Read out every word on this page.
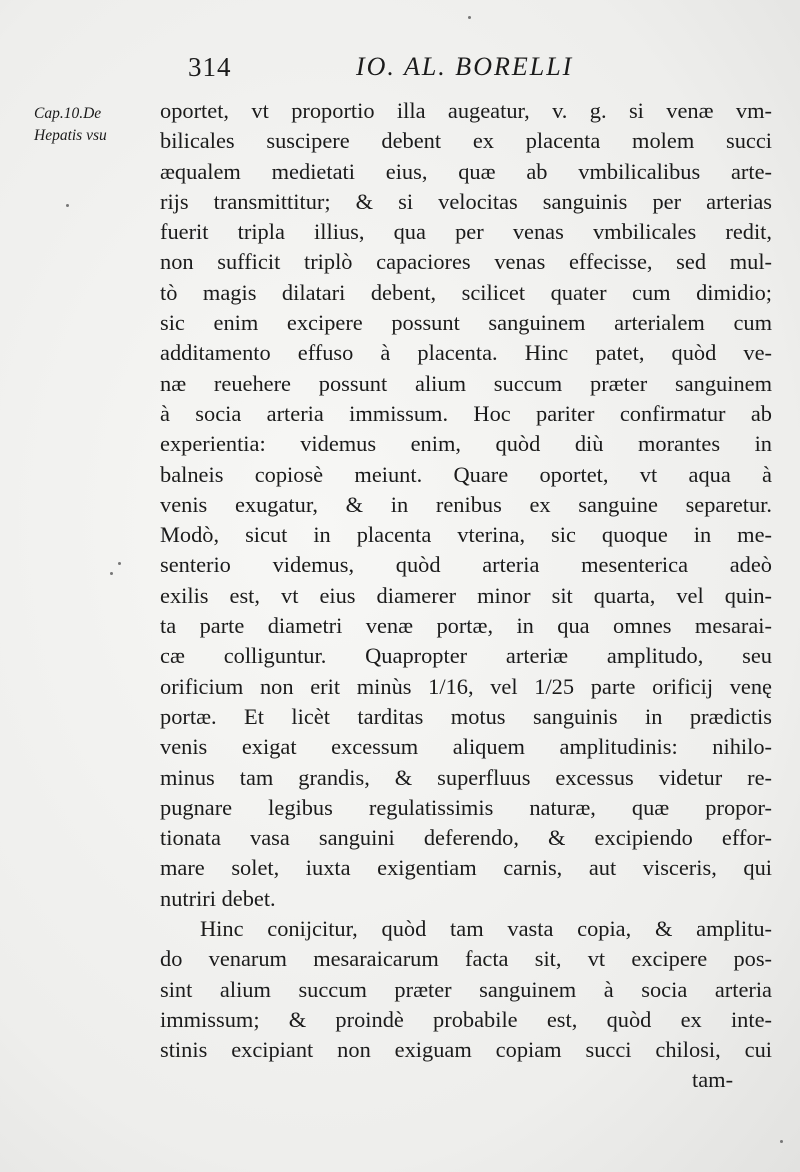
314	IO. AL. BORELLI
Cap.10.De
Hepatis vsu
oportet, vt proportio illa augeatur, v. g. si venæ vm-
bilicales suscipere debent ex placenta molem succi
æqualem medietati eius, quæ ab vmbilicalibus arte-
rijs transmittitur; & si velocitas sanguinis per arterias
fuerit tripla illius, qua per venas vmbilicales redit,
non sufficit triplò capaciores venas effecisse, sed mul-
tò magis dilatari debent, scilicet quater cum dimidio;
sic enim excipere possunt sanguinem arterialem cum
additamento effuso à placenta. Hinc patet, quòd ve-
næ reuehere possunt alium succum præter sanguinem
à socia arteria immissum. Hoc pariter confirmatur ab
experientia: videmus enim, quòd diù morantes in
balneis copiosè meiunt. Quare oportet, vt aqua à
venis exugatur, & in renibus ex sanguine separetur.
Modò, sicut in placenta vterina, sic quoque in me-
senterio videmus, quòd arteria mesenterica adeò
exilis est, vt eius diamerer minor sit quarta, vel quin-
ta parte diametri venæ portæ, in qua omnes mesarai-
cæ colliguntur. Quapropter arteriæ amplitudo, seu
orificium non erit minùs 1/16, vel 1/25 parte orificij venę
portæ. Et licèt tarditas motus sanguinis in prædictis
venis exigat excessum aliquem amplitudinis: nihilo-
minus tam grandis, & superfluus excessus videtur re-
pugnare legibus regulatissimis naturæ, quæ propor-
tionata vasa sanguini deferendo, & excipiendo effor-
mare solet, iuxta exigentiam carnis, aut visceris, qui
nutriri debet.
Hinc conijcitur, quòd tam vasta copia, & amplitu-
do venarum mesaraicarum facta sit, vt excipere pos-
sint alium succum præter sanguinem à socia arteria
immissum; & proindè probabile est, quòd ex inte-
stinis excipiant non exiguam copiam succi chilosi, cui
tam-
